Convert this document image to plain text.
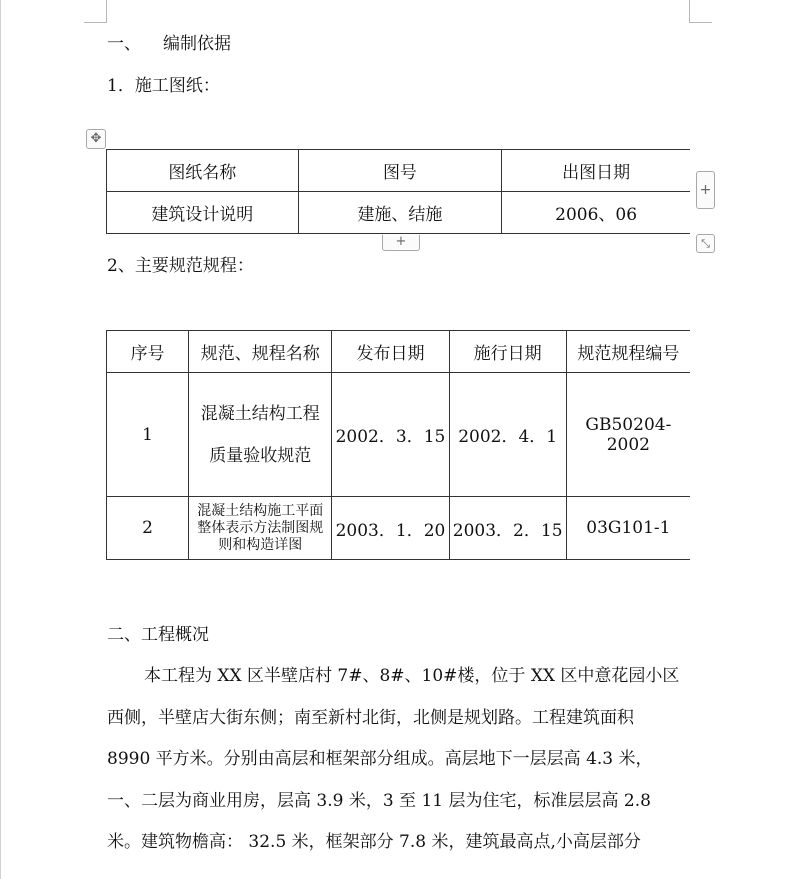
一、 编制依据
1．施工图纸：
✥
图纸名称	图号	出图日期
建筑设计说明	建施、结施	2006、06
+
+	⤡
2、主要规范规程：
序号	规范、规程名称	发布日期	施行日期	规范规程编号
1	混凝土结构工程质量验收规范	2002．3．15	2002．4．1	GB50204-2002
2	混凝土结构施工平面整体表示方法制图规则和构造详图	2003．1．20	2003．2．15	03G101-1
二、工程概况

本工程为 XX 区半壁店村 7#、8#、10#楼，位于 XX 区中意花园小区

西侧，半壁店大街东侧；南至新村北街，北侧是规划路。工程建筑面积

8990 平方米。分别由高层和框架部分组成。高层地下一层层高 4.3 米，

一、二层为商业用房，层高 3.9 米，3 至 11 层为住宅，标准层层高 2.8

米。建筑物檐高： 32.5 米，框架部分 7.8 米，建筑最高点,小高层部分
